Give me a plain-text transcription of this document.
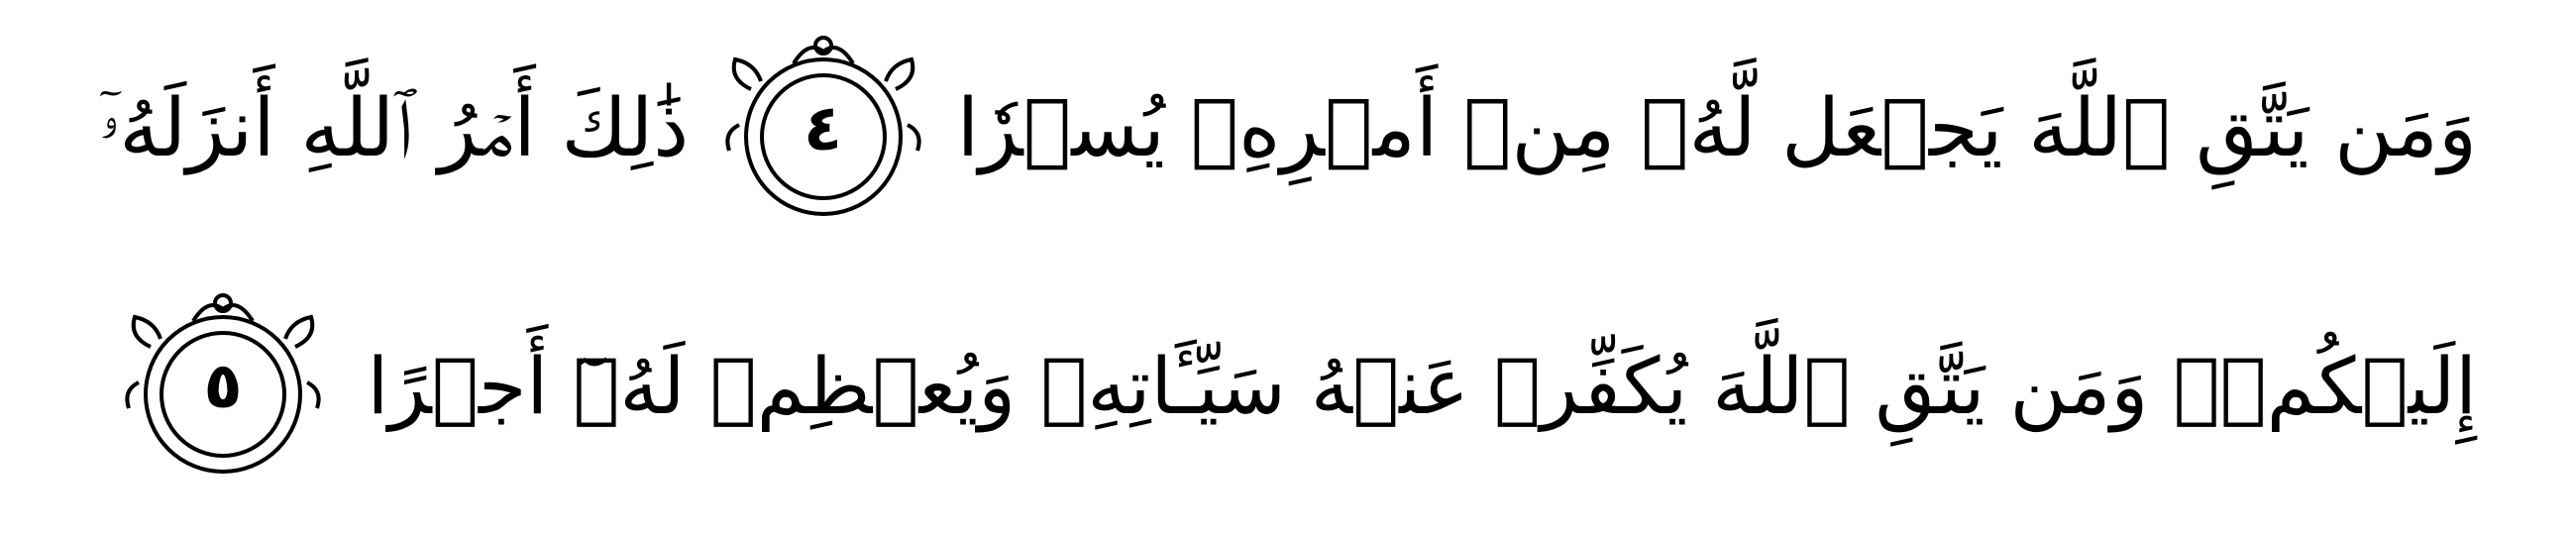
وَمَن يَتَّقِ ٱللَّهَ يَجۡعَل لَّهُۥ مِنۡ أَمۡرِهِۦ يُسۡرٗا
٤
ذَٰلِكَ أَمۡرُ ٱللَّهِ أَنزَلَهُۥٓ
إِلَيۡكُمۡۚ وَمَن يَتَّقِ ٱللَّهَ يُكَفِّرۡ عَنۡهُ سَيِّـَٔاتِهِۦ وَيُعۡظِمۡ لَهُۥٓ أَجۡرًا
٥
